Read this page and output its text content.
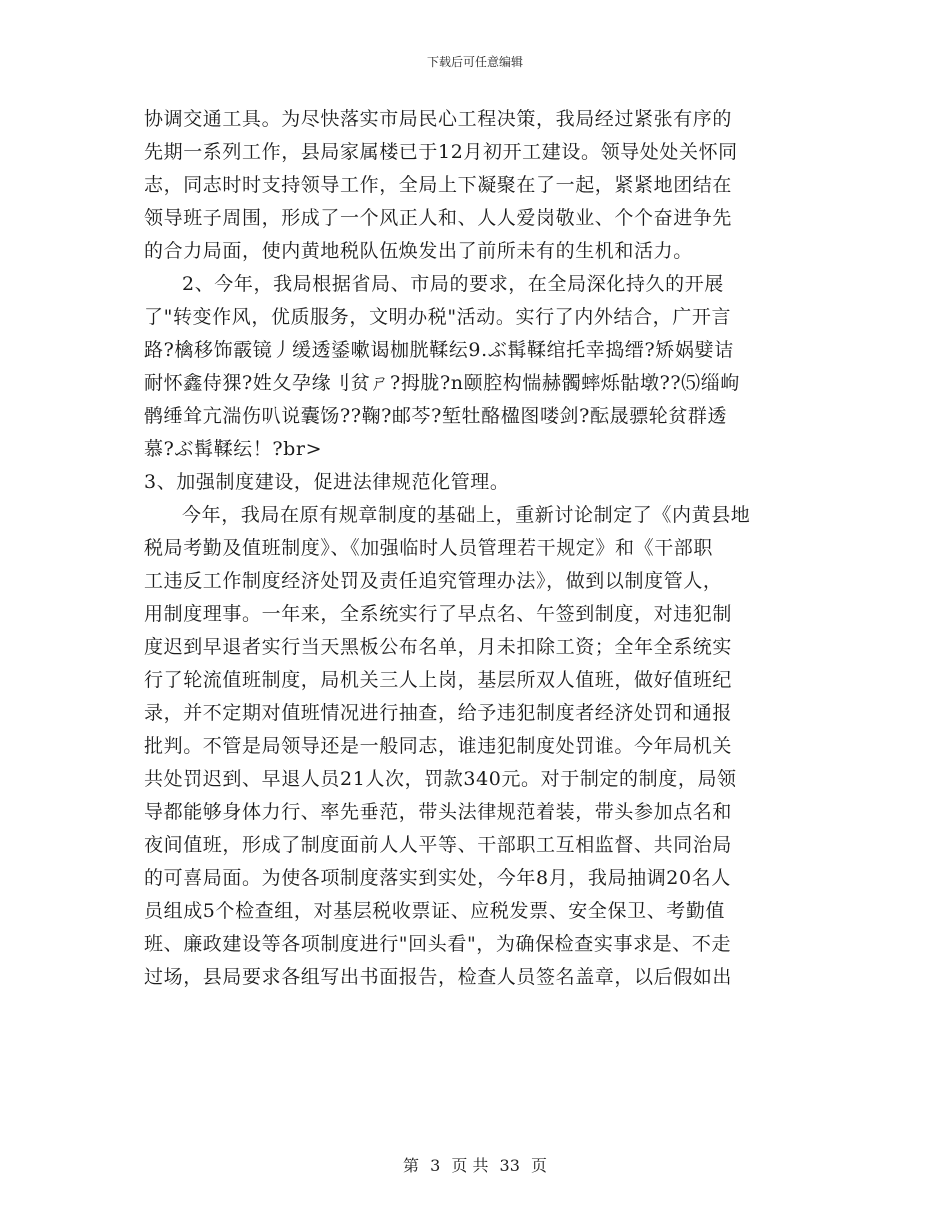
下载后可任意编辑
协调交通工具。为尽快落实市局民心工程决策，我局经过紧张有序的
先期一系列工作，县局家属楼已于12月初开工建设。领导处处关怀同
志，同志时时支持领导工作，全局上下凝聚在了一起，紧紧地团结在
领导班子周围，形成了一个风正人和、人人爱岗敬业、个个奋进争先
的合力局面，使内黄地税队伍焕发出了前所未有的生机和活力。
2、今年，我局根据省局、市局的要求，在全局深化持久的开展
了"转变作风，优质服务，文明办税"活动。实行了内外结合，广开言
路?檎移饰霰镜丿缓透鋈嗽谒枷胱鞣纭9.ぶ髯鞣绾托幸捣缙?矫娲嬖诘
耐怀鑫侍猓?姓夂孕缘刂贫ㄕ?拇胧?n颐腔构惴赫髑蟀烁骷墩??⑸缁岣
鹘缍耸亢湍伤叭说囊饧??鞠?邮芩?堑牡酪楹图喽剑?酝晟骠轮贫群透
慕?ぶ髯鞣纭！?br>
3、加强制度建设，促进法律规范化管理。
今年，我局在原有规章制度的基础上，重新讨论制定了《内黄县地
税局考勤及值班制度》、《加强临时人员管理若干规定》和《干部职
工违反工作制度经济处罚及责任追究管理办法》，做到以制度管人，
用制度理事。一年来，全系统实行了早点名、午签到制度，对违犯制
度迟到早退者实行当天黑板公布名单，月未扣除工资；全年全系统实
行了轮流值班制度，局机关三人上岗，基层所双人值班，做好值班纪
录，并不定期对值班情况进行抽查，给予违犯制度者经济处罚和通报
批判。不管是局领导还是一般同志，谁违犯制度处罚谁。今年局机关
共处罚迟到、早退人员21人次，罚款340元。对于制定的制度，局领
导都能够身体力行、率先垂范，带头法律规范着装，带头参加点名和
夜间值班，形成了制度面前人人平等、干部职工互相监督、共同治局
的可喜局面。为使各项制度落实到实处，今年8月，我局抽调20名人
员组成5个检查组，对基层税收票证、应税发票、安全保卫、考勤值
班、廉政建设等各项制度进行"回头看"，为确保检查实事求是、不走
过场，县局要求各组写出书面报告，检查人员签名盖章，以后假如出
第 3 页 共 33 页
